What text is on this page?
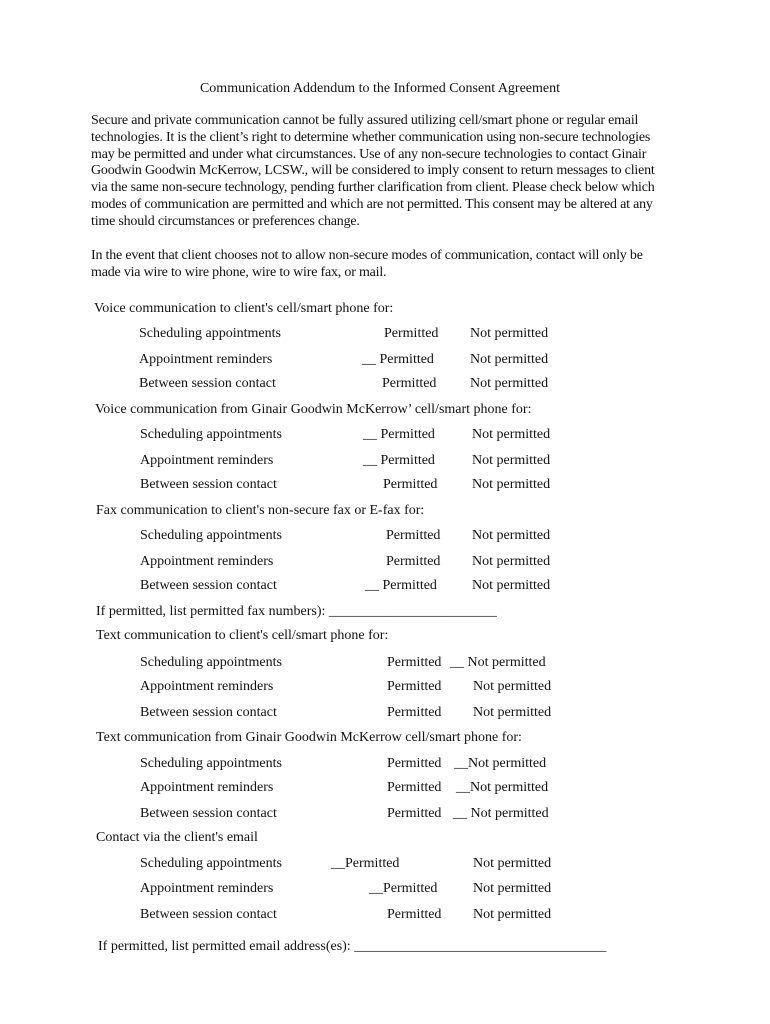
Communication Addendum to the Informed Consent Agreement
Secure and private communication cannot be fully assured utilizing cell/smart phone or regular email technologies. It is the client’s right to determine whether communication using non-secure technologies may be permitted and under what circumstances. Use of any non-secure technologies to contact Ginair Goodwin Goodwin McKerrow, LCSW., will be considered to imply consent to return messages to client via the same non-secure technology, pending further clarification from client. Please check below which modes of communication are permitted and which are not permitted. This consent may be altered at any time should circumstances or preferences change.
In the event that client chooses not to allow non-secure modes of communication, contact will only be made via wire to wire phone, wire to wire fax, or mail.
Voice communication to client's cell/smart phone for:
Scheduling appointments	Permitted Not permitted
Appointment reminders	__ Permitted	Not permitted
Between session contact	Permitted Not permitted
Voice communication from Ginair Goodwin McKerrow’ cell/smart phone for:
Scheduling appointments	__ Permitted	Not permitted
Appointment reminders	__ Permitted	Not permitted
Between session contact	Permitted Not permitted
Fax communication to client's non-secure fax or E-fax for:
Scheduling appointments	Permitted Not permitted
Appointment reminders	Permitted Not permitted
Between session contact	__ Permitted	Not permitted
If permitted, list permitted fax numbers): ________________________
Text communication to client's cell/smart phone for:
Scheduling appointments	Permitted __ Not permitted
Appointment reminders	Permitted Not permitted
Between session contact	Permitted Not permitted
Text communication from Ginair Goodwin McKerrow cell/smart phone for:
Scheduling appointments	Permitted __Not permitted
Appointment reminders	Permitted __Not permitted
Between session contact	Permitted __ Not permitted
Contact via the client's email
Scheduling appointments	__Permitted	Not permitted
Appointment reminders	__Permitted	Not permitted
Between session contact	Permitted Not permitted
If permitted, list permitted email address(es): ____________________________________
